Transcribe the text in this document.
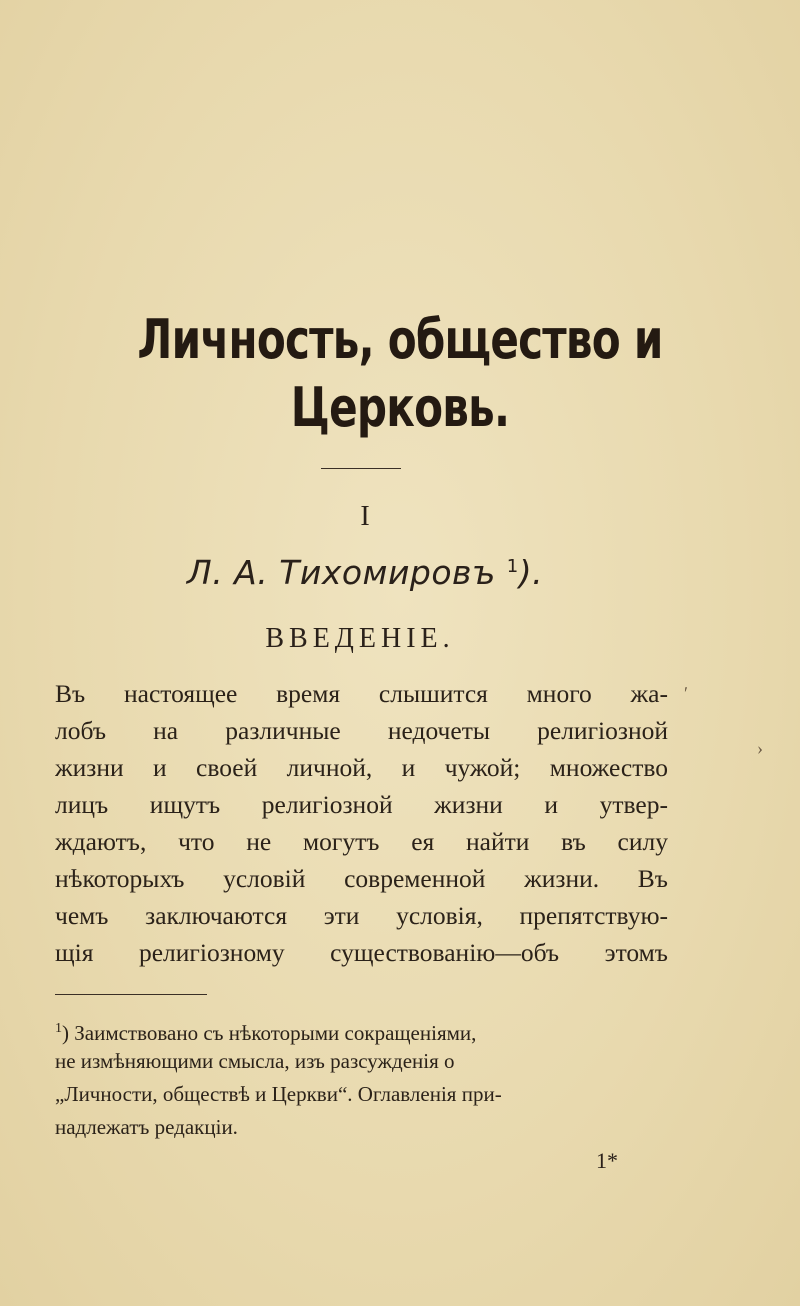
Личность, общество и
Церковь.
I
Л. А. Тихомировъ $^1$).
ВВЕДЕНІЕ.
Въ настоящее время слышится много жа-
лобъ на различные недочеты религіозной
жизни и своей личной, и чужой; множество
лицъ ищутъ религіозной жизни и утвер-
ждаютъ, что не могутъ ея найти въ силу
нѣкоторыхъ условій современной жизни. Въ
чемъ заключаются эти условія, препятствую-
щія религіозному существованію—объ этомъ
$^1$) Заимствовано съ нѣкоторыми сокращеніями,
не измѣняющими смысла, изъ разсужденія о
„Личности, обществѣ и Церкви“. Оглавленія при-
надлежатъ редакціи.
1*
ʹ
›
